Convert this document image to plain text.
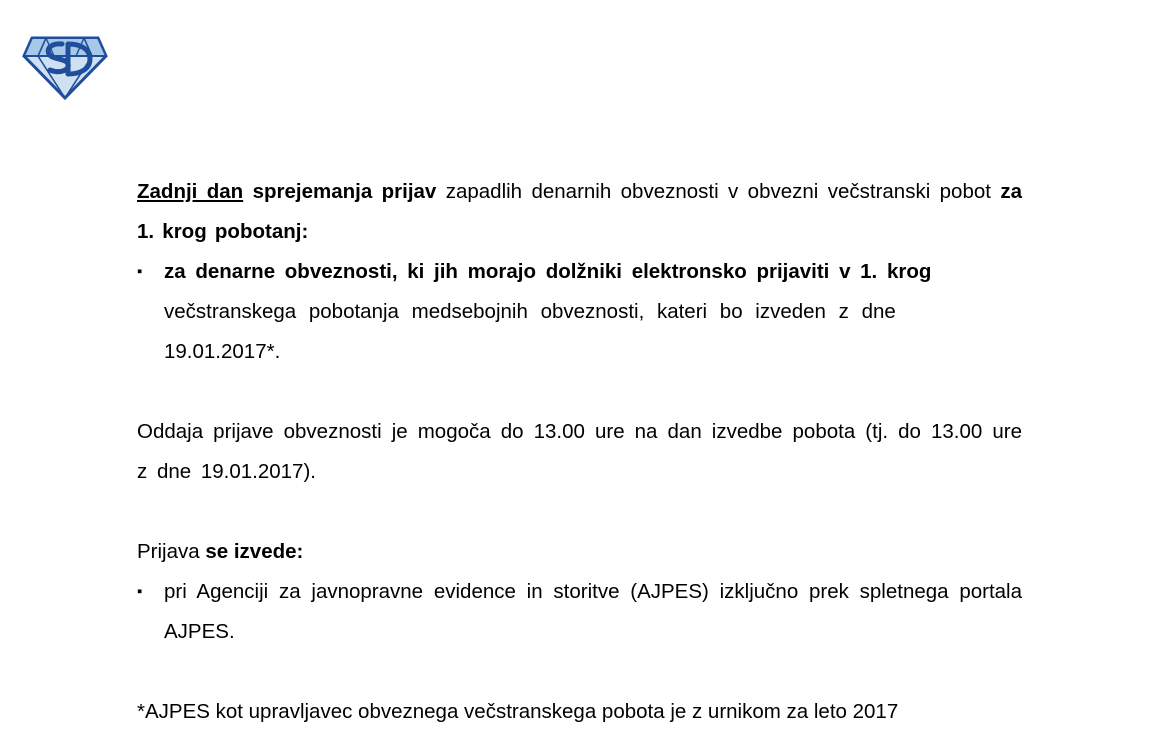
Zadnji dan sprejemanja prijav zapadlih denarnih obveznosti v obvezni večstranski pobot za 1. krog pobotanj:

▪	za denarne obveznosti, ki jih morajo dolžniki elektronsko prijaviti v 1. krog
večstranskega pobotanja medsebojnih obveznosti, kateri bo izveden z dne
19.01.2017*.

Oddaja prijave obveznosti je mogoča do 13.00 ure na dan izvedbe pobota (tj. do 13.00 ure z dne 19.01.2017).

Prijava se izvede:

▪	pri Agenciji za javnopravne evidence in storitve (AJPES) izključno prek spletnega portala AJPES.

*AJPES kot upravljavec obveznega večstranskega pobota je z urnikom za leto 2017
